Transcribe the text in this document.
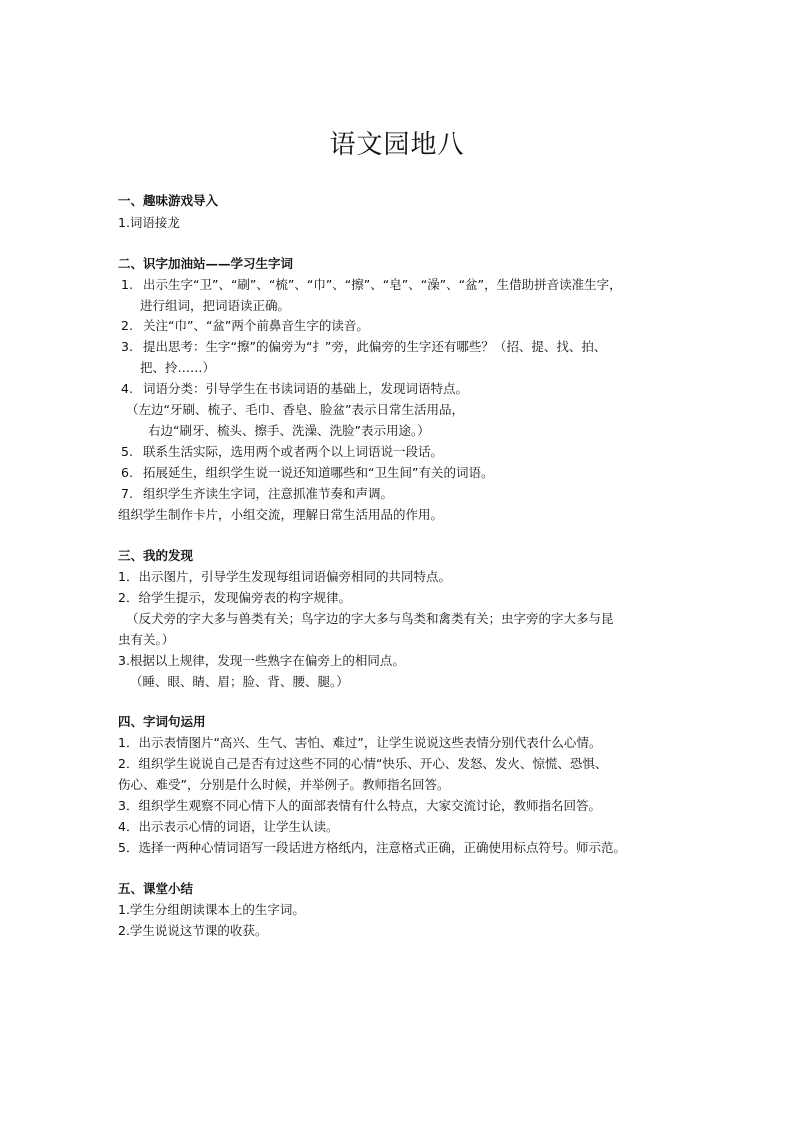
语文园地八
一、趣味游戏导入
1.词语接龙
二、识字加油站——学习生字词
1. 出示生字“卫”、“刷”、“梳”、“巾”、“擦”、“皂”、“澡”、“盆”，生借助拼音读准生字，
进行组词，把词语读正确。
2. 关注“巾”、“盆”两个前鼻音生字的读音。
3. 提出思考：生字“擦”的偏旁为“扌”旁，此偏旁的生字还有哪些？（招、提、找、拍、
把、拎……）
4. 词语分类：引导学生在书读词语的基础上，发现词语特点。
（左边“牙刷、梳子、毛巾、香皂、脸盆”表示日常生活用品，
右边“刷牙、梳头、擦手、洗澡、洗脸”表示用途。）
5. 联系生活实际，选用两个或者两个以上词语说一段话。
6. 拓展延生，组织学生说一说还知道哪些和“卫生间”有关的词语。
7. 组织学生齐读生字词，注意抓准节奏和声调。
组织学生制作卡片，小组交流，理解日常生活用品的作用。
三、我的发现
1．出示图片，引导学生发现每组词语偏旁相同的共同特点。
2．给学生提示，发现偏旁表的构字规律。
（反犬旁的字大多与兽类有关；鸟字边的字大多与鸟类和禽类有关；虫字旁的字大多与昆
虫有关。）
3.根据以上规律，发现一些熟字在偏旁上的相同点。
（睡、眼、睛、眉；脸、背、腰、腿。）
四、字词句运用
1．出示表情图片“高兴、生气、害怕、难过”，让学生说说这些表情分别代表什么心情。
2．组织学生说说自己是否有过这些不同的心情“快乐、开心、发怒、发火、惊慌、恐惧、
伤心、难受”，分别是什么时候，并举例子。教师指名回答。
3．组织学生观察不同心情下人的面部表情有什么特点，大家交流讨论，教师指名回答。
4．出示表示心情的词语，让学生认读。
5．选择一两种心情词语写一段话进方格纸内，注意格式正确，正确使用标点符号。师示范。
五、课堂小结
1.学生分组朗读课本上的生字词。
2.学生说说这节课的收获。
